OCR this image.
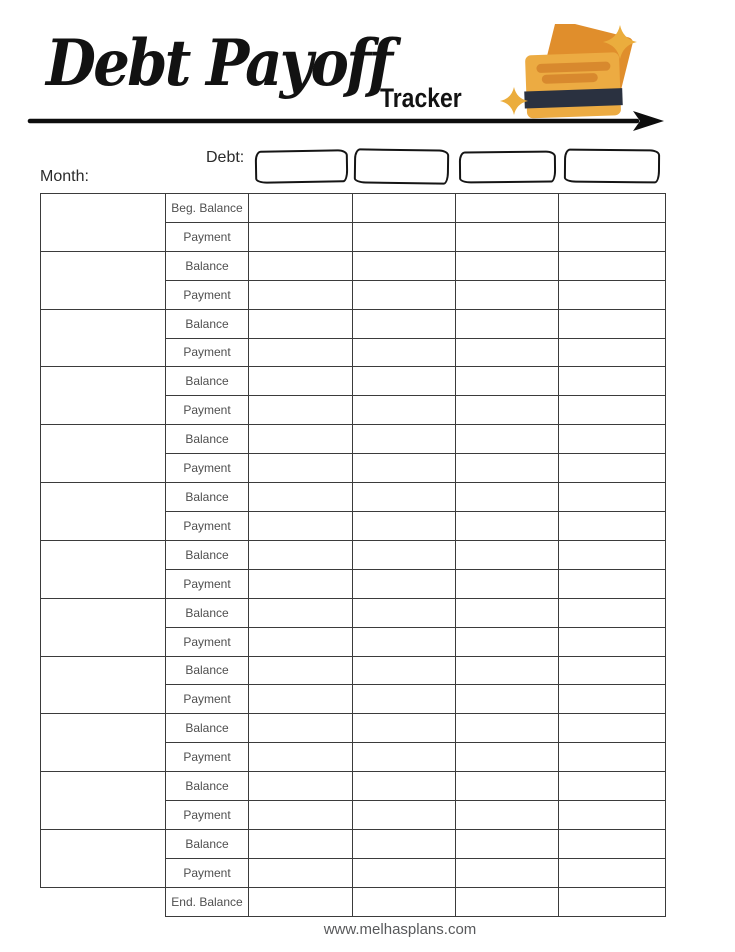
Debt Payoff
Tracker
Debt:
Month:
	Beg. Balance				
	Payment				
	Balance				
	Payment				
	Balance				
	Payment				
	Balance				
	Payment				
	Balance				
	Payment				
	Balance				
	Payment				
	Balance				
	Payment				
	Balance				
	Payment				
	Balance				
	Payment				
	Balance				
	Payment				
	Balance				
	Payment				
	Balance				
	Payment				
	End. Balance				
www.melhasplans.com
